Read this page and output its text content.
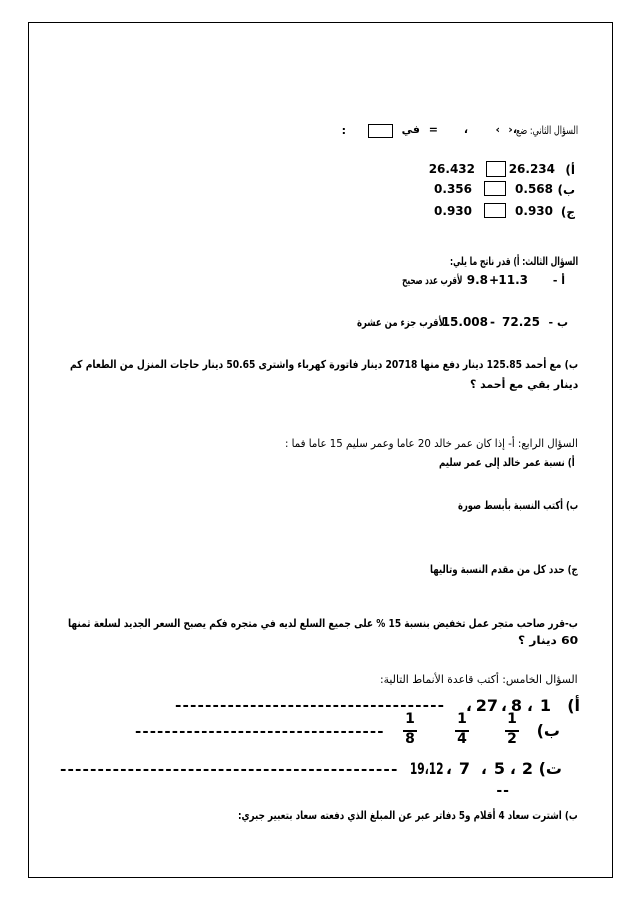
السؤال الثاني: ضع
›،
‹
،
=
في
:
أ)
26.234
26.432
ب)
0.568
0.356
ج)
0.930
0.930
السؤال الثالث: أ) قدر ناتج ما يلي:
أ -
11.3
+
9.8
لأقرب عدد صحيح
ب -
72.25
-
15.008
لأقرب جزء من عشرة
ب) مع أحمد 125.85 دينار دفع منها 20718 دينار فاتورة كهرباء واشترى 50.65 دينار حاجات المنزل من الطعام كم
دينار بقي مع أحمد ؟
السؤال الرابع: أ- إذا كان عمر خالد 20 عاما وعمر سليم 15 عاما فما :
أ) نسبة عمر خالد إلى عمر سليم
ب) أكتب النسبة بأبسط صورة
ج) حدد كل من مقدم النسبة وتاليها
ب-قرر صاحب متجر عمل تخفيض بنسبة 15 % على جميع السلع لديه في متجره فكم يصبح السعر الجديد لسلعة ثمنها
60 دينار ؟
السؤال الخامس: أكتب قاعدة الأنماط التالية:
أ)
1
،
8
،
27
،
------------------------------------
ب)
1
2
1
4
1
8
----------------------------------
ت)
2
،
5
،
7
،
19،12
---------------------------------------------
--
ب) اشترت سعاد 4 أقلام و5 دفاتر عبر عن المبلغ الذي دفعته سعاد بتعبير جبري:
